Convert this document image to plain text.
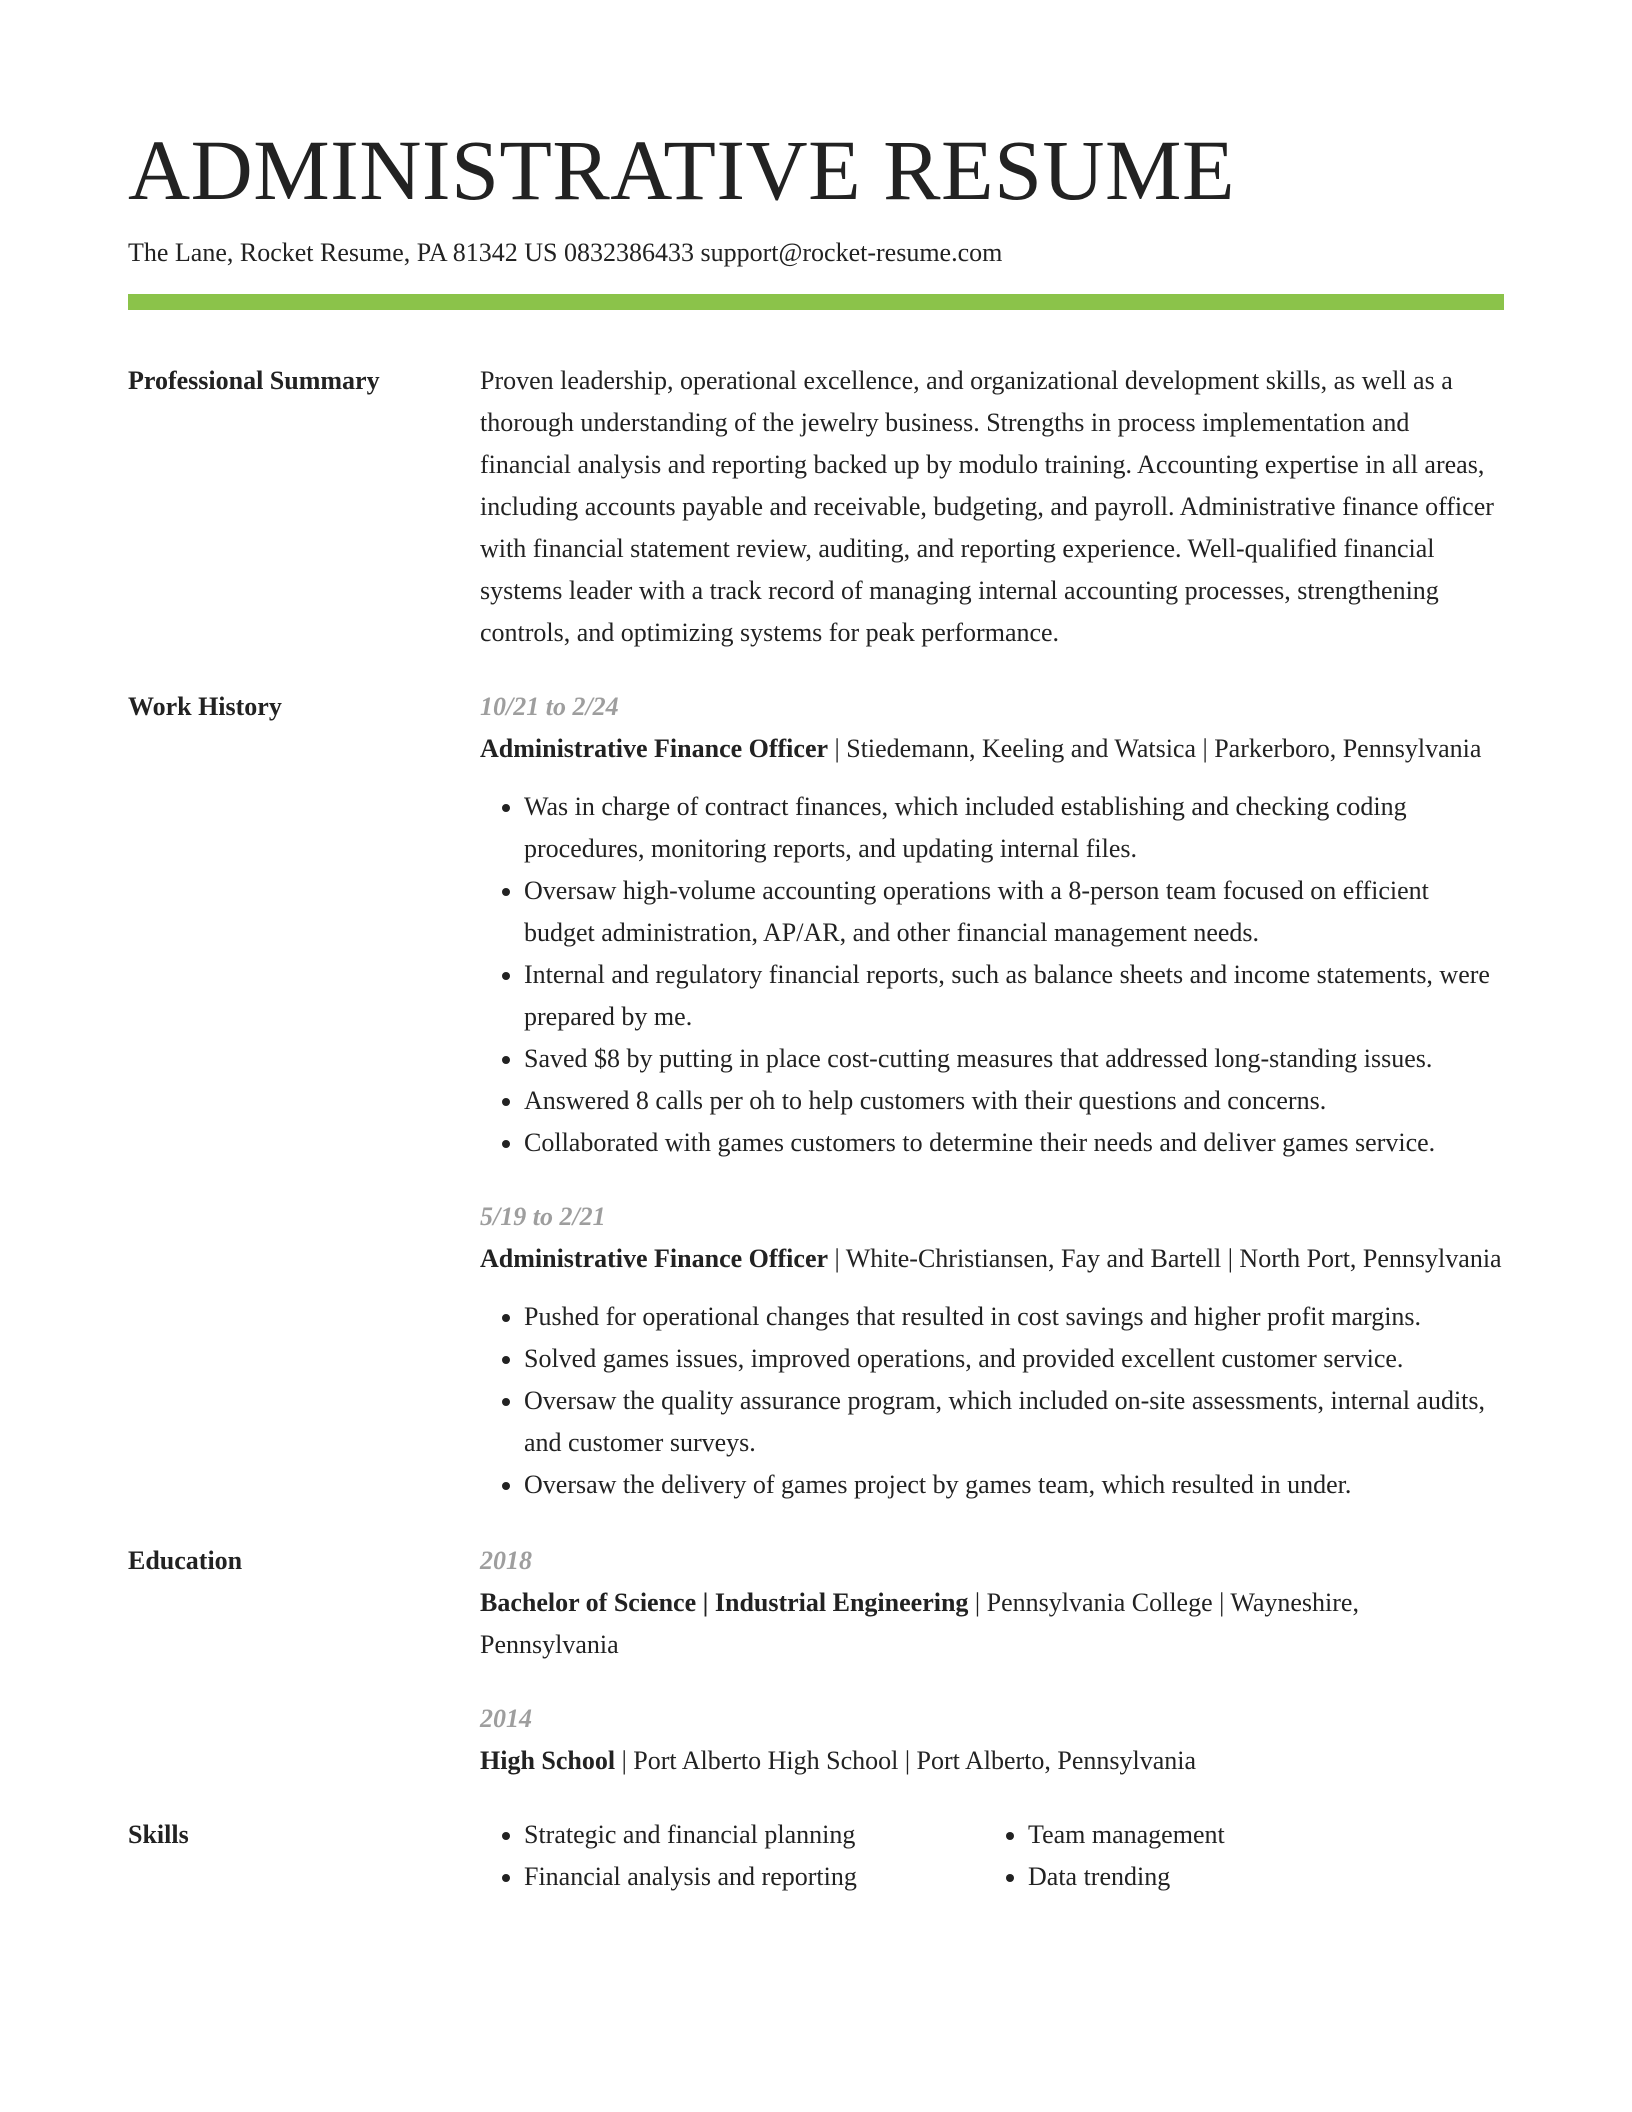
ADMINISTRATIVE RESUME
The Lane, Rocket Resume, PA 81342 US 0832386433 support@rocket-resume.com
Professional Summary	Proven leadership, operational excellence, and organizational development skills, as well as a thorough understanding of the jewelry business. Strengths in process implementation and financial analysis and reporting backed up by modulo training. Accounting expertise in all areas, including accounts payable and receivable, budgeting, and payroll. Administrative finance officer with financial statement review, auditing, and reporting experience. Well-qualified financial systems leader with a track record of managing internal accounting processes, strengthening controls, and optimizing systems for peak performance.
Work History	10/21 to 2/24
Administrative Finance Officer | Stiedemann, Keeling and Watsica | Parkerboro, Pennsylvania
• Was in charge of contract finances, which included establishing and checking coding procedures, monitoring reports, and updating internal files.
• Oversaw high-volume accounting operations with a 8-person team focused on efficient budget administration, AP/AR, and other financial management needs.
• Internal and regulatory financial reports, such as balance sheets and income statements, were prepared by me.
• Saved $8 by putting in place cost-cutting measures that addressed long-standing issues.
• Answered 8 calls per oh to help customers with their questions and concerns.
• Collaborated with games customers to determine their needs and deliver games service.
5/19 to 2/21
Administrative Finance Officer | White-Christiansen, Fay and Bartell | North Port, Pennsylvania
• Pushed for operational changes that resulted in cost savings and higher profit margins.
• Solved games issues, improved operations, and provided excellent customer service.
• Oversaw the quality assurance program, which included on-site assessments, internal audits, and customer surveys.
• Oversaw the delivery of games project by games team, which resulted in under.
Education	2018
Bachelor of Science | Industrial Engineering | Pennsylvania College | Wayneshire, Pennsylvania
2014
High School | Port Alberto High School | Port Alberto, Pennsylvania
Skills
•	Strategic and financial planning
• Financial analysis and reporting
• Team management
• Data trending
